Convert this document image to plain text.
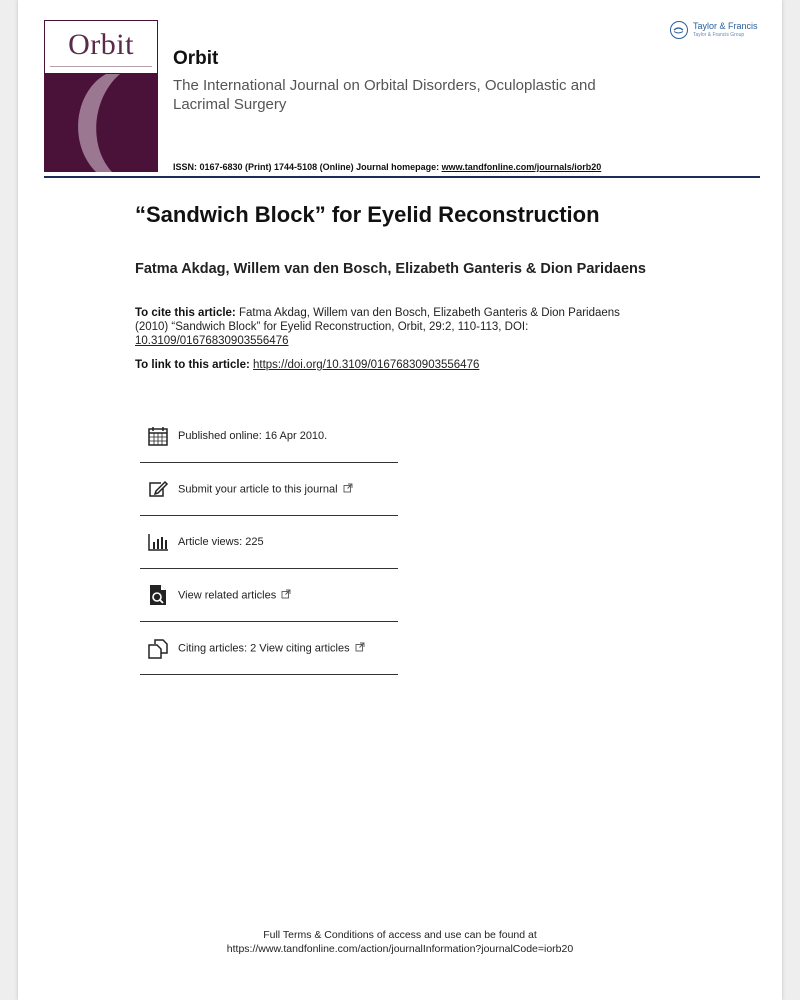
Orbit	Orbit
The International Journal on Orbital Disorders, Oculoplastic and Lacrimal Surgery
ISSN: 0167-6830 (Print) 1744-5108 (Online) Journal homepage: www.tandfonline.com/journals/iorb20
Taylor & Francis
Taylor & Francis Group
“Sandwich Block” for Eyelid Reconstruction
Fatma Akdag, Willem van den Bosch, Elizabeth Ganteris & Dion Paridaens
To cite this article: Fatma Akdag, Willem van den Bosch, Elizabeth Ganteris & Dion Paridaens (2010) “Sandwich Block” for Eyelid Reconstruction, Orbit, 29:2, 110-113, DOI: 10.3109/01676830903556476
To link to this article: https://doi.org/10.3109/01676830903556476
Published online: 16 Apr 2010.
Submit your article to this journal
Article views: 225
View related articles
Citing articles: 2 View citing articles
Full Terms & Conditions of access and use can be found at
https://www.tandfonline.com/action/journalInformation?journalCode=iorb20
